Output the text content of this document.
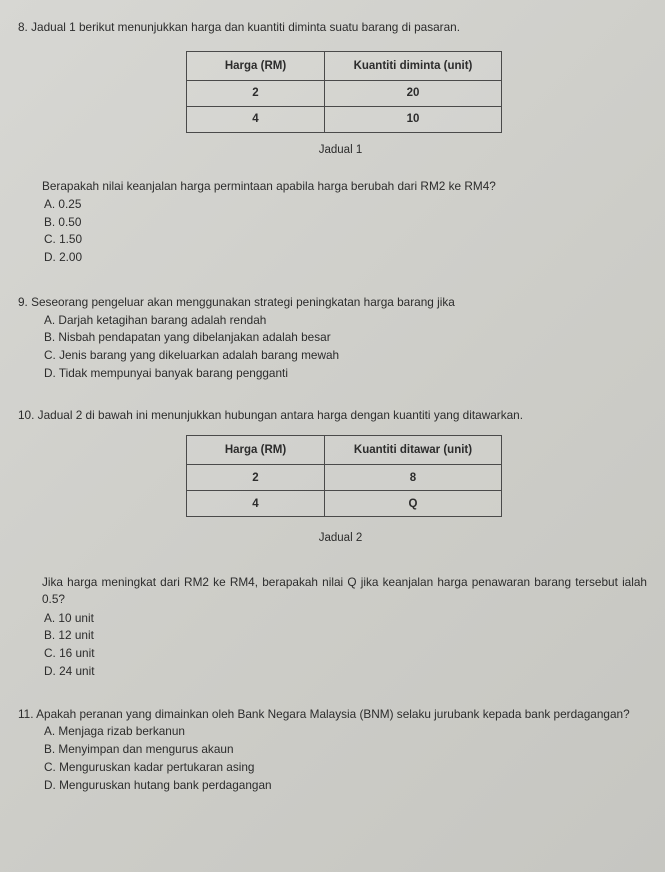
8. Jadual 1 berikut menunjukkan harga dan kuantiti diminta suatu barang di pasaran.
Harga (RM)	Kuantiti diminta (unit)
2	20
4	10
Jadual 1
Berapakah nilai keanjalan harga permintaan apabila harga berubah dari RM2 ke RM4?
A. 0.25
B. 0.50
C. 1.50
D. 2.00
9. Seseorang pengeluar akan menggunakan strategi peningkatan harga barang jika
A. Darjah ketagihan barang adalah rendah
B. Nisbah pendapatan yang dibelanjakan adalah besar
C. Jenis barang yang dikeluarkan adalah barang mewah
D. Tidak mempunyai banyak barang pengganti
10. Jadual 2 di bawah ini menunjukkan hubungan antara harga dengan kuantiti yang ditawarkan.
Harga (RM)	Kuantiti ditawar (unit)
2	8
4	Q
Jadual 2
Jika harga meningkat dari RM2 ke RM4, berapakah nilai Q jika keanjalan harga penawaran barang tersebut ialah 0.5?
A. 10 unit
B. 12 unit
C. 16 unit
D. 24 unit
11. Apakah peranan yang dimainkan oleh Bank Negara Malaysia (BNM) selaku jurubank kepada bank perdagangan?
A. Menjaga rizab berkanun
B. Menyimpan dan mengurus akaun
C. Menguruskan kadar pertukaran asing
D. Menguruskan hutang bank perdagangan
